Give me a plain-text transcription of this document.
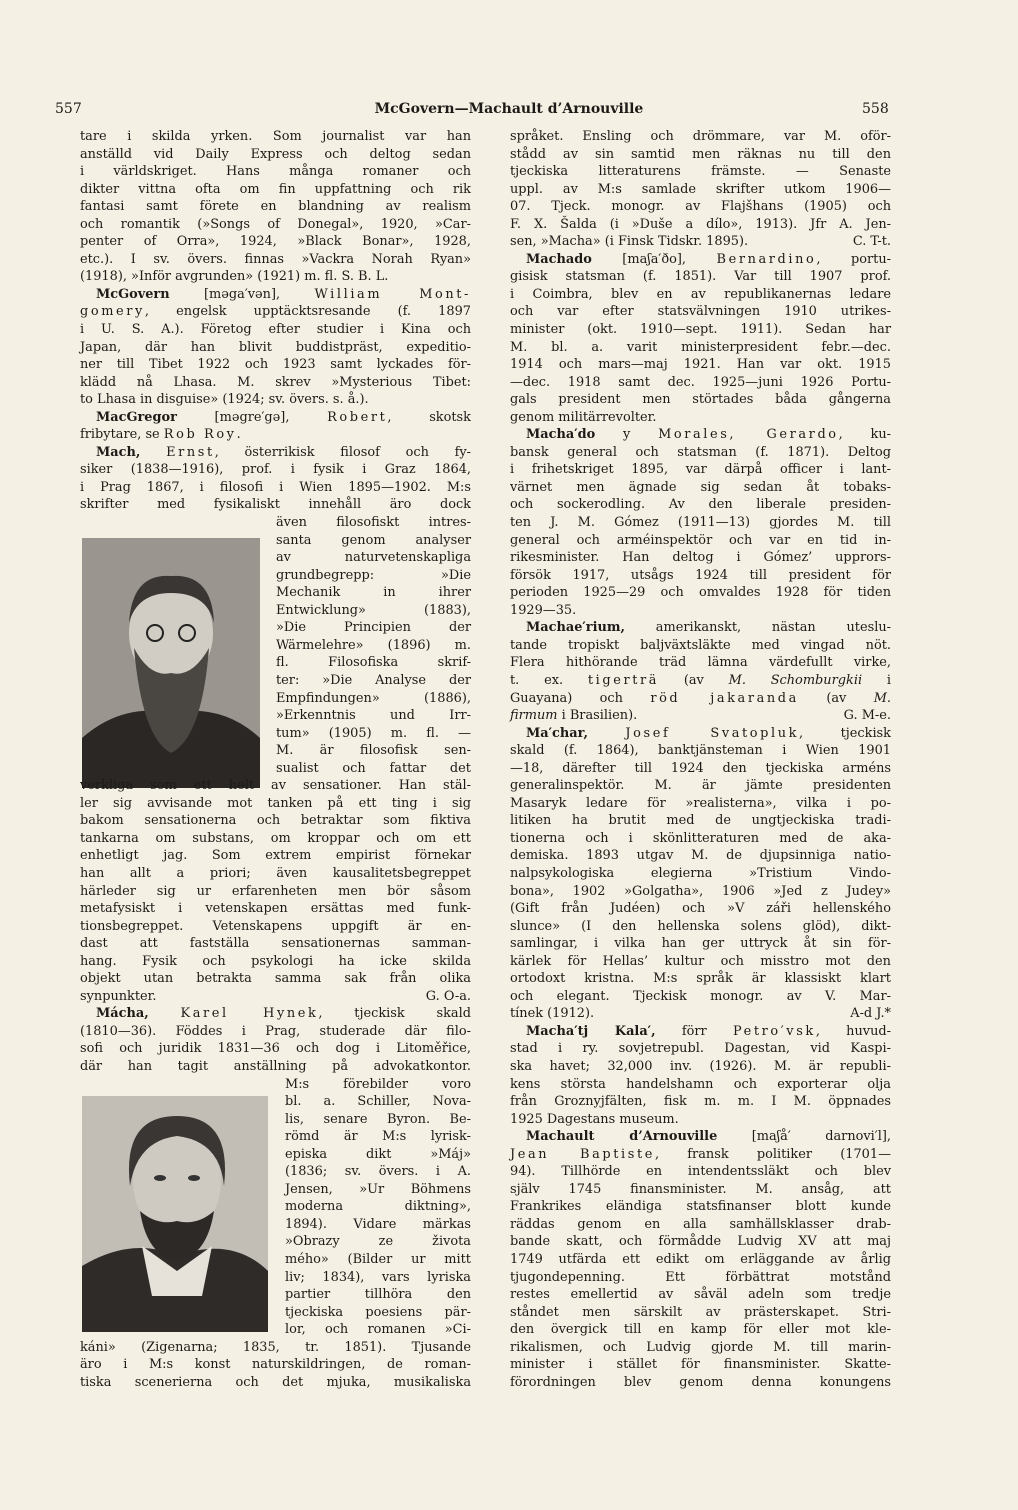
557	McGovern—Machault d’Arnouville	558
tare i skilda yrken. Som journalist var han
anställd vid Daily Express och deltog sedan
i världskriget. Hans många romaner och
dikter vittna ofta om fin uppfattning och rik
fantasi samt förete en blandning av realism
och romantik (»Songs of Donegal», 1920, »Car-
penter of Orra», 1924, »Black Bonar», 1928,
etc.). I sv. övers. finnas »Vackra Norah Ryan»
(1918), »Inför avgrunden» (1921) m. fl. S. B. L.
McGovern [məga′vən], William Mont-
gomery, engelsk upptäcktsresande (f. 1897
i U. S. A.). Företog efter studier i Kina och
Japan, där han blivit buddistpräst, expeditio-
ner till Tibet 1922 och 1923 samt lyckades för-
klädd nå Lhasa. M. skrev »Mysterious Tibet:
to Lhasa in disguise» (1924; sv. övers. s. å.).
MacGregor [məgre′gə], Robert, skotsk
fribytare, se Rob Roy.
Mach, Ernst, österrikisk filosof och fy-
siker (1838—1916), prof. i fysik i Graz 1864,
i Prag 1867, i filosofi i Wien 1895—1902. M:s
skrifter med fysikaliskt innehåll äro dock
även filosofiskt intres-
santa genom analyser
av naturvetenskapliga
grundbegrepp: »Die
Mechanik in ihrer
Entwicklung» (1883),
»Die Principien der
Wärmelehre» (1896) m.
fl. Filosofiska skrif-
ter: »Die Analyse der
Empfindungen» (1886),
»Erkenntnis und Irr-
tum» (1905) m. fl. —
M. är filosofisk sen-
sualist och fattar det
verkliga som ett helt av sensationer. Han stäl-
ler sig avvisande mot tanken på ett ting i sig
bakom sensationerna och betraktar som fiktiva
tankarna om substans, om kroppar och om ett
enhetligt jag. Som extrem empirist förnekar
han allt a priori; även kausalitetsbegreppet
härleder sig ur erfarenheten men bör såsom
metafysiskt i vetenskapen ersättas med funk-
tionsbegreppet. Vetenskapens uppgift är en-
dast att fastställa sensationernas samman-
hang. Fysik och psykologi ha icke skilda
objekt utan betrakta samma sak från olika
synpunkter.	G. O-a.
Mácha, Karel Hynek, tjeckisk skald
(1810—36). Föddes i Prag, studerade där filo-
sofi och juridik 1831—36 och dog i Litoměřice,
där han tagit anställning på advokatkontor.
M:s förebilder voro
bl. a. Schiller, Nova-
lis, senare Byron. Be-
römd är M:s lyrisk-
episka dikt »Máj»
(1836; sv. övers. i A.
Jensen, »Ur Böhmens
moderna diktning»,
1894). Vidare märkas
»Obrazy ze života
mého» (Bilder ur mitt
liv; 1834), vars lyriska
partier tillhöra den
tjeckiska poesiens pär-
lor, och romanen »Ci-
káni» (Zigenarna; 1835, tr. 1851). Tjusande
äro i M:s konst naturskildringen, de roman-
tiska scenerierna och det mjuka, musikaliska
språket. Ensling och drömmare, var M. oför-
stådd av sin samtid men räknas nu till den
tjeckiska litteraturens främste. — Senaste
uppl. av M:s samlade skrifter utkom 1906—
07. Tjeck. monogr. av Flajšhans (1905) och
F. X. Šalda (i »Duše a dílo», 1913). Jfr A. Jen-
sen, »Macha» (i Finsk Tidskr. 1895).	C. T-t.
Machado [maʃa′ðo], Bernardino, portu-
gisisk statsman (f. 1851). Var till 1907 prof.
i Coimbra, blev en av republikanernas ledare
och var efter statsvälvningen 1910 utrikes-
minister (okt. 1910—sept. 1911). Sedan har
M. bl. a. varit ministerpresident febr.—dec.
1914 och mars—maj 1921. Han var okt. 1915
—dec. 1918 samt dec. 1925—juni 1926 Portu-
gals president men störtades båda gångerna
genom militärrevolter.
Macha′do y Morales, Gerardo, ku-
bansk general och statsman (f. 1871). Deltog
i frihetskriget 1895, var därpå officer i lant-
värnet men ägnade sig sedan åt tobaks-
och sockerodling. Av den liberale presiden-
ten J. M. Gómez (1911—13) gjordes M. till
general och arméinspektör och var en tid in-
rikesminister. Han deltog i Gómez’ upprors-
försök 1917, utsågs 1924 till president för
perioden 1925—29 och omvaldes 1928 för tiden
1929—35.
Machae′rium, amerikanskt, nästan uteslu-
tande tropiskt baljväxtsläkte med vingad nöt.
Flera hithörande träd lämna värdefullt virke,
t. ex. tigerträ (av M. Schomburgkii i
Guayana) och röd jakaranda (av M.
firmum i Brasilien).	G. M-e.
Ma′char,	Josef Svatopluk, tjeckisk
skald (f. 1864), banktjänsteman i Wien 1901
—18, därefter till 1924 den tjeckiska arméns
generalinspektör. M. är jämte presidenten
Masaryk ledare för »realisterna», vilka i po-
litiken ha brutit med de ungtjeckiska tradi-
tionerna och i skönlitteraturen med de aka-
demiska. 1893 utgav M. de djupsinniga natio-
nalpsykologiska elegierna »Tristium Vindo-
bona», 1902 »Golgatha», 1906 »Jed z Judey»
(Gift från Judéen) och »V záři hellenského
slunce» (I den hellenska solens glöd), dikt-
samlingar, i vilka han ger uttryck åt sin för-
kärlek för Hellas’ kultur och misstro mot den
ortodoxt kristna. M:s språk är klassiskt klart
och elegant. Tjeckisk monogr. av V. Mar-
tínek (1912).	A-d J.*
Macha′tj Kala′, förr Petro′vsk, huvud-
stad i ry. sovjetrepubl. Dagestan, vid Kaspi-
ska havet; 32,000 inv. (1926). M. är republi-
kens största handelshamn och exporterar olja
från Groznyjfälten, fisk m. m. I M. öppnades
1925 Dagestans museum.
Machault d’Arnouville [maʃå′ darnovi′l],
Jean Baptiste, fransk politiker (1701—
94). Tillhörde en intendentssläkt och blev
själv 1745 finansminister. M. ansåg, att
Frankrikes eländiga statsfinanser blott kunde
räddas genom en alla samhällsklasser drab-
bande skatt, och förmådde Ludvig XV att maj
1749 utfärda ett edikt om erläggande av årlig
tjugondepenning. Ett förbättrat motstånd
restes emellertid av såväl adeln som tredje
ståndet men särskilt av prästerskapet. Stri-
den övergick till en kamp för eller mot kle-
rikalismen, och Ludvig gjorde M. till marin-
minister i stället för finansminister. Skatte-
förordningen blev genom denna konungens
